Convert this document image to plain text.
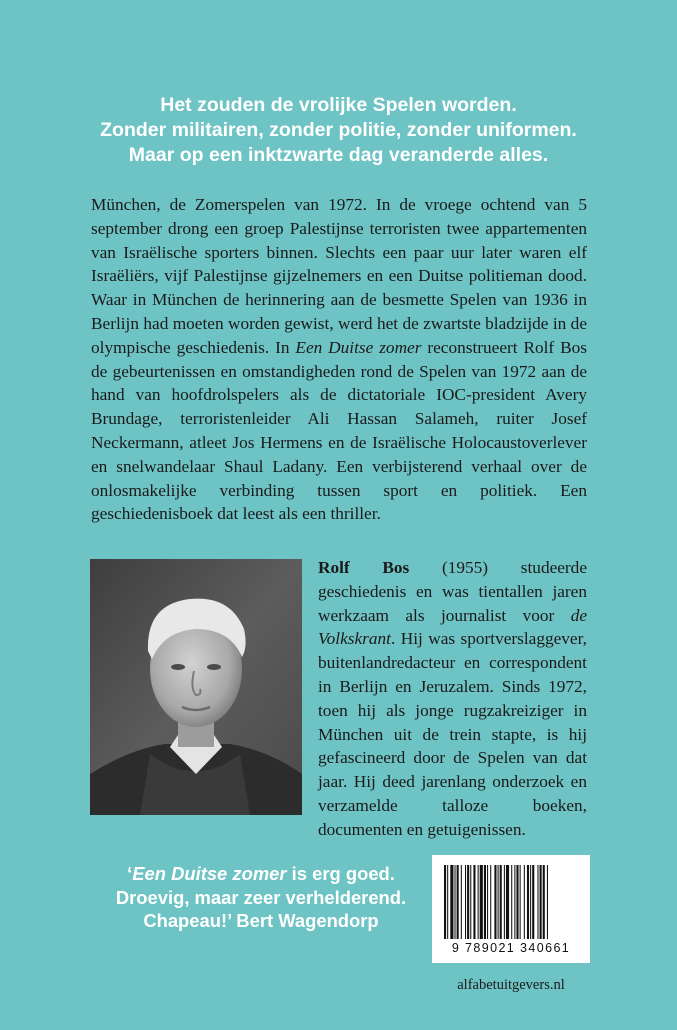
Het zouden de vrolijke Spelen worden.
Zonder militairen, zonder politie, zonder uniformen.
Maar op een inktzwarte dag veranderde alles.

München, de Zomerspelen van 1972. In de vroege ochtend van 5 september drong een groep Palestijnse terroristen twee appartementen van Israëlische sporters binnen. Slechts een paar uur later waren elf Israëliërs, vijf Palestijnse gijzelnemers en een Duitse politieman dood. Waar in München de herinnering aan de besmette Spelen van 1936 in Berlijn had moeten worden gewist, werd het de zwartste bladzijde in de olympische geschiedenis. In Een Duitse zomer reconstrueert Rolf Bos de gebeurtenissen en omstandigheden rond de Spelen van 1972 aan de hand van hoofdrolspelers als de dictatoriale IOC-president Avery Brundage, terroristenleider Ali Hassan Salameh, ruiter Josef Neckermann, atleet Jos Hermens en de Israëlische Holocaustoverlever en snelwandelaar Shaul Ladany. Een verbijsterend verhaal over de onlosmakelijke verbinding tussen sport en politiek. Een geschiedenisboek dat leest als een thriller.

Rolf Bos (1955) studeerde geschiedenis en was tientallen jaren werkzaam als journalist voor de Volkskrant. Hij was sportverslaggever, buitenlandredacteur en correspondent in Berlijn en Jeruzalem. Sinds 1972, toen hij als jonge rugzakreiziger in München uit de trein stapte, is hij gefascineerd door de Spelen van dat jaar. Hij deed jarenlang onderzoek en verzamelde talloze boeken, documenten en getuigenissen.

‘Een Duitse zomer is erg goed.
Droevig, maar zeer verhelderend.
Chapeau!’ Bert Wagendorp
9 789021 340661
alfabetuitgevers.nl
